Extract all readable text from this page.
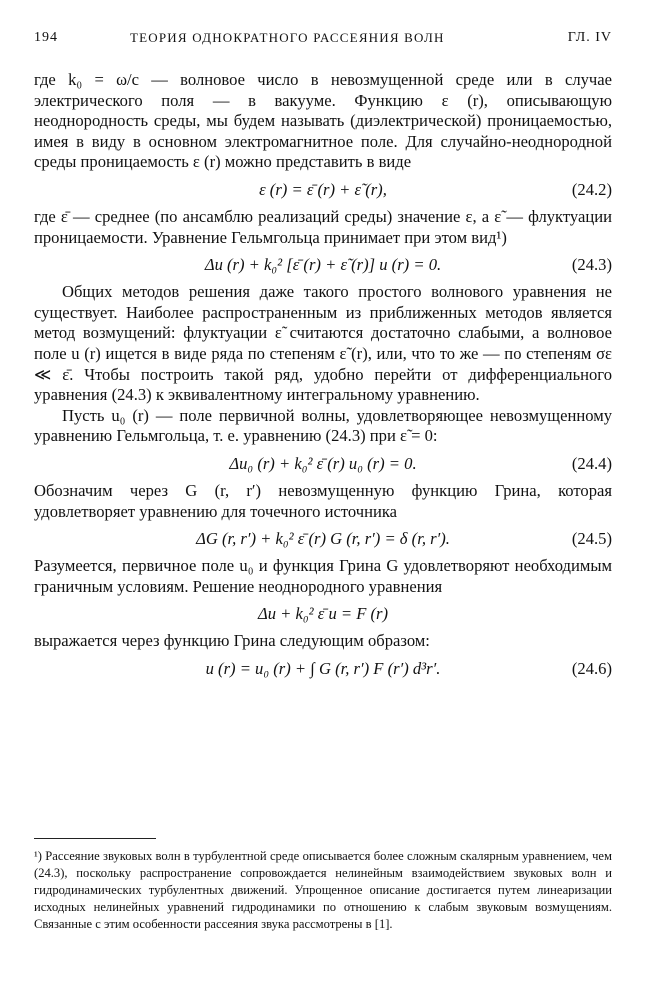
194	ТЕОРИЯ ОДНОКРАТНОГО РАССЕЯНИЯ ВОЛН	ГЛ. IV

где k₀ = ω/c — волновое число в невозмущенной среде или в случае электрического поля — в вакууме. Функцию ε (r), описывающую неоднородность среды, мы будем называть (диэлектрической) проницаемостью, имея в виду в основном электромагнитное поле. Для случайно-неоднородной среды проницаемость ε (r) можно представить в виде

ε (r) = ε̄ (r) + ε̃ (r),	(24.2)

где ε̄ — среднее (по ансамблю реализаций среды) значение ε, а ε̃ — флуктуации проницаемости. Уравнение Гельмгольца принимает при этом вид¹)

Δu (r) + k₀² [ε̄ (r) + ε̃ (r)] u (r) = 0.	(24.3)

Общих методов решения даже такого простого волнового уравнения не существует. Наиболее распространенным из приближенных методов является метод возмущений: флуктуации ε̃ считаются достаточно слабыми, а волновое поле u (r) ищется в виде ряда по степеням ε̃ (r), или, что то же — по степеням σε ≪ ε̄. Чтобы построить такой ряд, удобно перейти от дифференциального уравнения (24.3) к эквивалентному интегральному уравнению.

Пусть u₀ (r) — поле первичной волны, удовлетворяющее невозмущенному уравнению Гельмгольца, т. е. уравнению (24.3) при ε̃ = 0:

Δu₀ (r) + k₀² ε̄ (r) u₀ (r) = 0.	(24.4)

Обозначим через G (r, r′) невозмущенную функцию Грина, которая удовлетворяет уравнению для точечного источника

ΔG (r, r′) + k₀² ε̄ (r) G (r, r′) = δ (r, r′).	(24.5)

Разумеется, первичное поле u₀ и функция Грина G удовлетворяют необходимым граничным условиям. Решение неоднородного уравнения

Δu + k₀² ε̄ u = F (r)

выражается через функцию Грина следующим образом:

u (r) = u₀ (r) + ∫ G (r, r′) F (r′) d³r′.	(24.6)

¹) Рассеяние звуковых волн в турбулентной среде описывается более сложным скалярным уравнением, чем (24.3), поскольку распространение сопровождается нелинейным взаимодействием звуковых волн и гидродинамических турбулентных движений. Упрощенное описание достигается путем линеаризации исходных нелинейных уравнений гидродинамики по отношению к слабым звуковым возмущениям. Связанные с этим особенности рассеяния звука рассмотрены в [1].
